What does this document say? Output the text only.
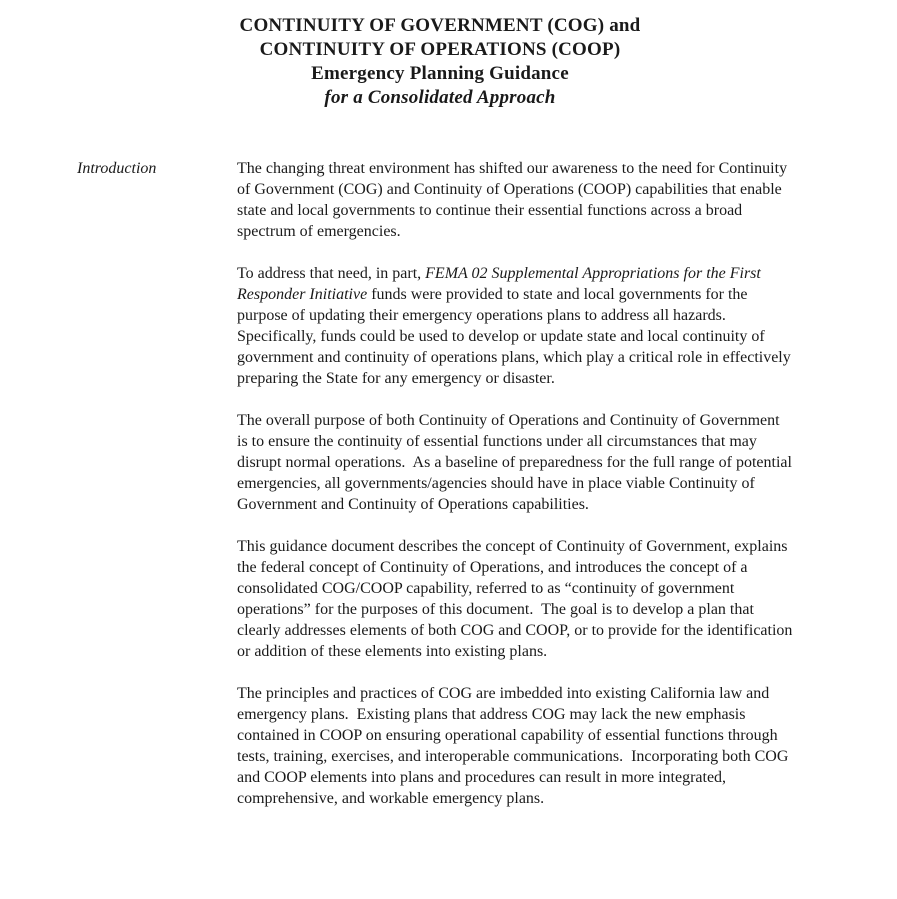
CONTINUITY OF GOVERNMENT (COG) and
CONTINUITY OF OPERATIONS (COOP)
Emergency Planning Guidance
for a Consolidated Approach
Introduction	The changing threat environment has shifted our awareness to the need for Continuity of Government (COG) and Continuity of Operations (COOP) capabilities that enable state and local governments to continue their essential functions across a broad spectrum of emergencies.

To address that need, in part, FEMA 02 Supplemental Appropriations for the First Responder Initiative funds were provided to state and local governments for the purpose of updating their emergency operations plans to address all hazards.  Specifically, funds could be used to develop or update state and local continuity of government and continuity of operations plans, which play a critical role in effectively preparing the State for any emergency or disaster.

The overall purpose of both Continuity of Operations and Continuity of Government is to ensure the continuity of essential functions under all circumstances that may disrupt normal operations.  As a baseline of preparedness for the full range of potential emergencies, all governments/agencies should have in place viable Continuity of Government and Continuity of Operations capabilities.

This guidance document describes the concept of Continuity of Government, explains the federal concept of Continuity of Operations, and introduces the concept of a consolidated COG/COOP capability, referred to as “continuity of government operations” for the purposes of this document.  The goal is to develop a plan that clearly addresses elements of both COG and COOP, or to provide for the identification or addition of these elements into existing plans.

The principles and practices of COG are imbedded into existing California law and emergency plans.  Existing plans that address COG may lack the new emphasis contained in COOP on ensuring operational capability of essential functions through tests, training, exercises, and interoperable communications.  Incorporating both COG and COOP elements into plans and procedures can result in more integrated, comprehensive, and workable emergency plans.
